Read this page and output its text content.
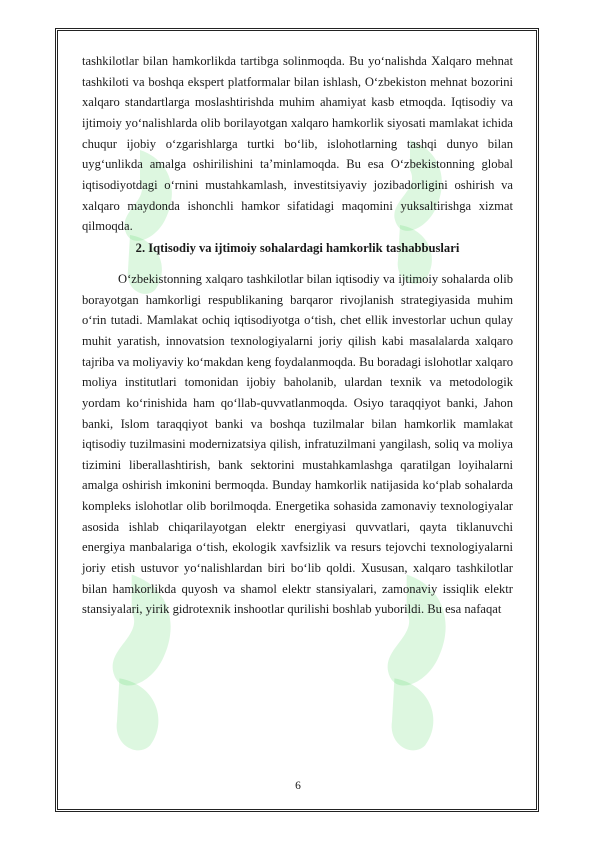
tashkilotlar bilan hamkorlikda tartibga solinmoqda. Bu yo‘nalishda Xalqaro mehnat tashkiloti va boshqa ekspert platformalar bilan ishlash, O‘zbekiston mehnat bozorini xalqaro standartlarga moslashtirishda muhim ahamiyat kasb etmoqda. Iqtisodiy va ijtimoiy yo‘nalishlarda olib borilayotgan xalqaro hamkorlik siyosati mamlakat ichida chuqur ijobiy o‘zgarishlarga turtki bo‘lib, islohotlarning tashqi dunyo bilan uyg‘unlikda amalga oshirilishini ta’minlamoqda. Bu esa O‘zbekistonning global iqtisodiyotdagi o‘rnini mustahkamlash, investitsiyaviy jozibadorligini oshirish va xalqaro maydonda ishonchli hamkor sifatidagi maqomini yuksaltirishga xizmat qilmoqda.

2. Iqtisodiy va ijtimoiy sohalardagi hamkorlik tashabbuslari

O‘zbekistonning xalqaro tashkilotlar bilan iqtisodiy va ijtimoiy sohalarda olib borayotgan hamkorligi respublikaning barqaror rivojlanish strategiyasida muhim o‘rin tutadi. Mamlakat ochiq iqtisodiyotga o‘tish, chet ellik investorlar uchun qulay muhit yaratish, innovatsion texnologiyalarni joriy qilish kabi masalalarda xalqaro tajriba va moliyaviy ko‘makdan keng foydalanmoqda. Bu boradagi islohotlar xalqaro moliya institutlari tomonidan ijobiy baholanib, ulardan texnik va metodologik yordam ko‘rinishida ham qo‘llab-quvvatlanmoqda. Osiyo taraqqiyot banki, Jahon banki, Islom taraqqiyot banki va boshqa tuzilmalar bilan hamkorlik mamlakat iqtisodiy tuzilmasini modernizatsiya qilish, infratuzilmani yangilash, soliq va moliya tizimini liberallashtirish, bank sektorini mustahkamlashga qaratilgan loyihalarni amalga oshirish imkonini bermoqda. Bunday hamkorlik natijasida ko‘plab sohalarda kompleks islohotlar olib borilmoqda. Energetika sohasida zamonaviy texnologiyalar asosida ishlab chiqarilayotgan elektr energiyasi quvvatlari, qayta tiklanuvchi energiya manbalariga o‘tish, ekologik xavfsizlik va resurs tejovchi texnologiyalarni joriy etish ustuvor yo‘nalishlardan biri bo‘lib qoldi. Xususan, xalqaro tashkilotlar bilan hamkorlikda quyosh va shamol elektr stansiyalari, zamonaviy issiqlik elektr stansiyalari, yirik gidrotexnik inshootlar qurilishi boshlab yuborildi. Bu esa nafaqat

6
